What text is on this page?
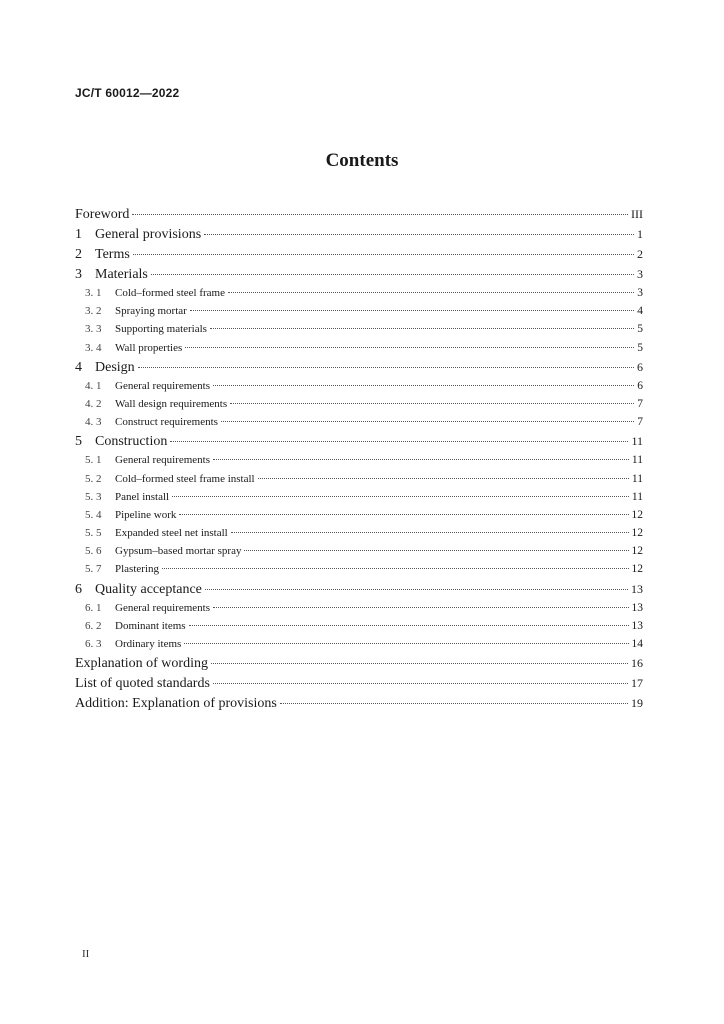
JC/T 60012—2022
Contents
Foreword	III
1 General provisions	1
2 Terms	2
3 Materials	3
3. 1	Cold–formed steel frame	3
3. 2	Spraying mortar	4
3. 3	Supporting materials	5
3. 4	Wall properties	5
4 Design	6
4. 1	General requirements	6
4. 2	Wall design requirements	7
4. 3	Construct requirements	7
5 Construction	11
5. 1	General requirements	11
5. 2	Cold–formed steel frame install	11
5. 3	Panel install	11
5. 4	Pipeline work	12
5. 5	Expanded steel net install	12
5. 6	Gypsum–based mortar spray	12
5. 7	Plastering	12
6 Quality acceptance	13
6. 1	General requirements	13
6. 2	Dominant items	13
6. 3	Ordinary items	14
Explanation of wording	16
List of quoted standards	17
Addition: Explanation of provisions	19
II
